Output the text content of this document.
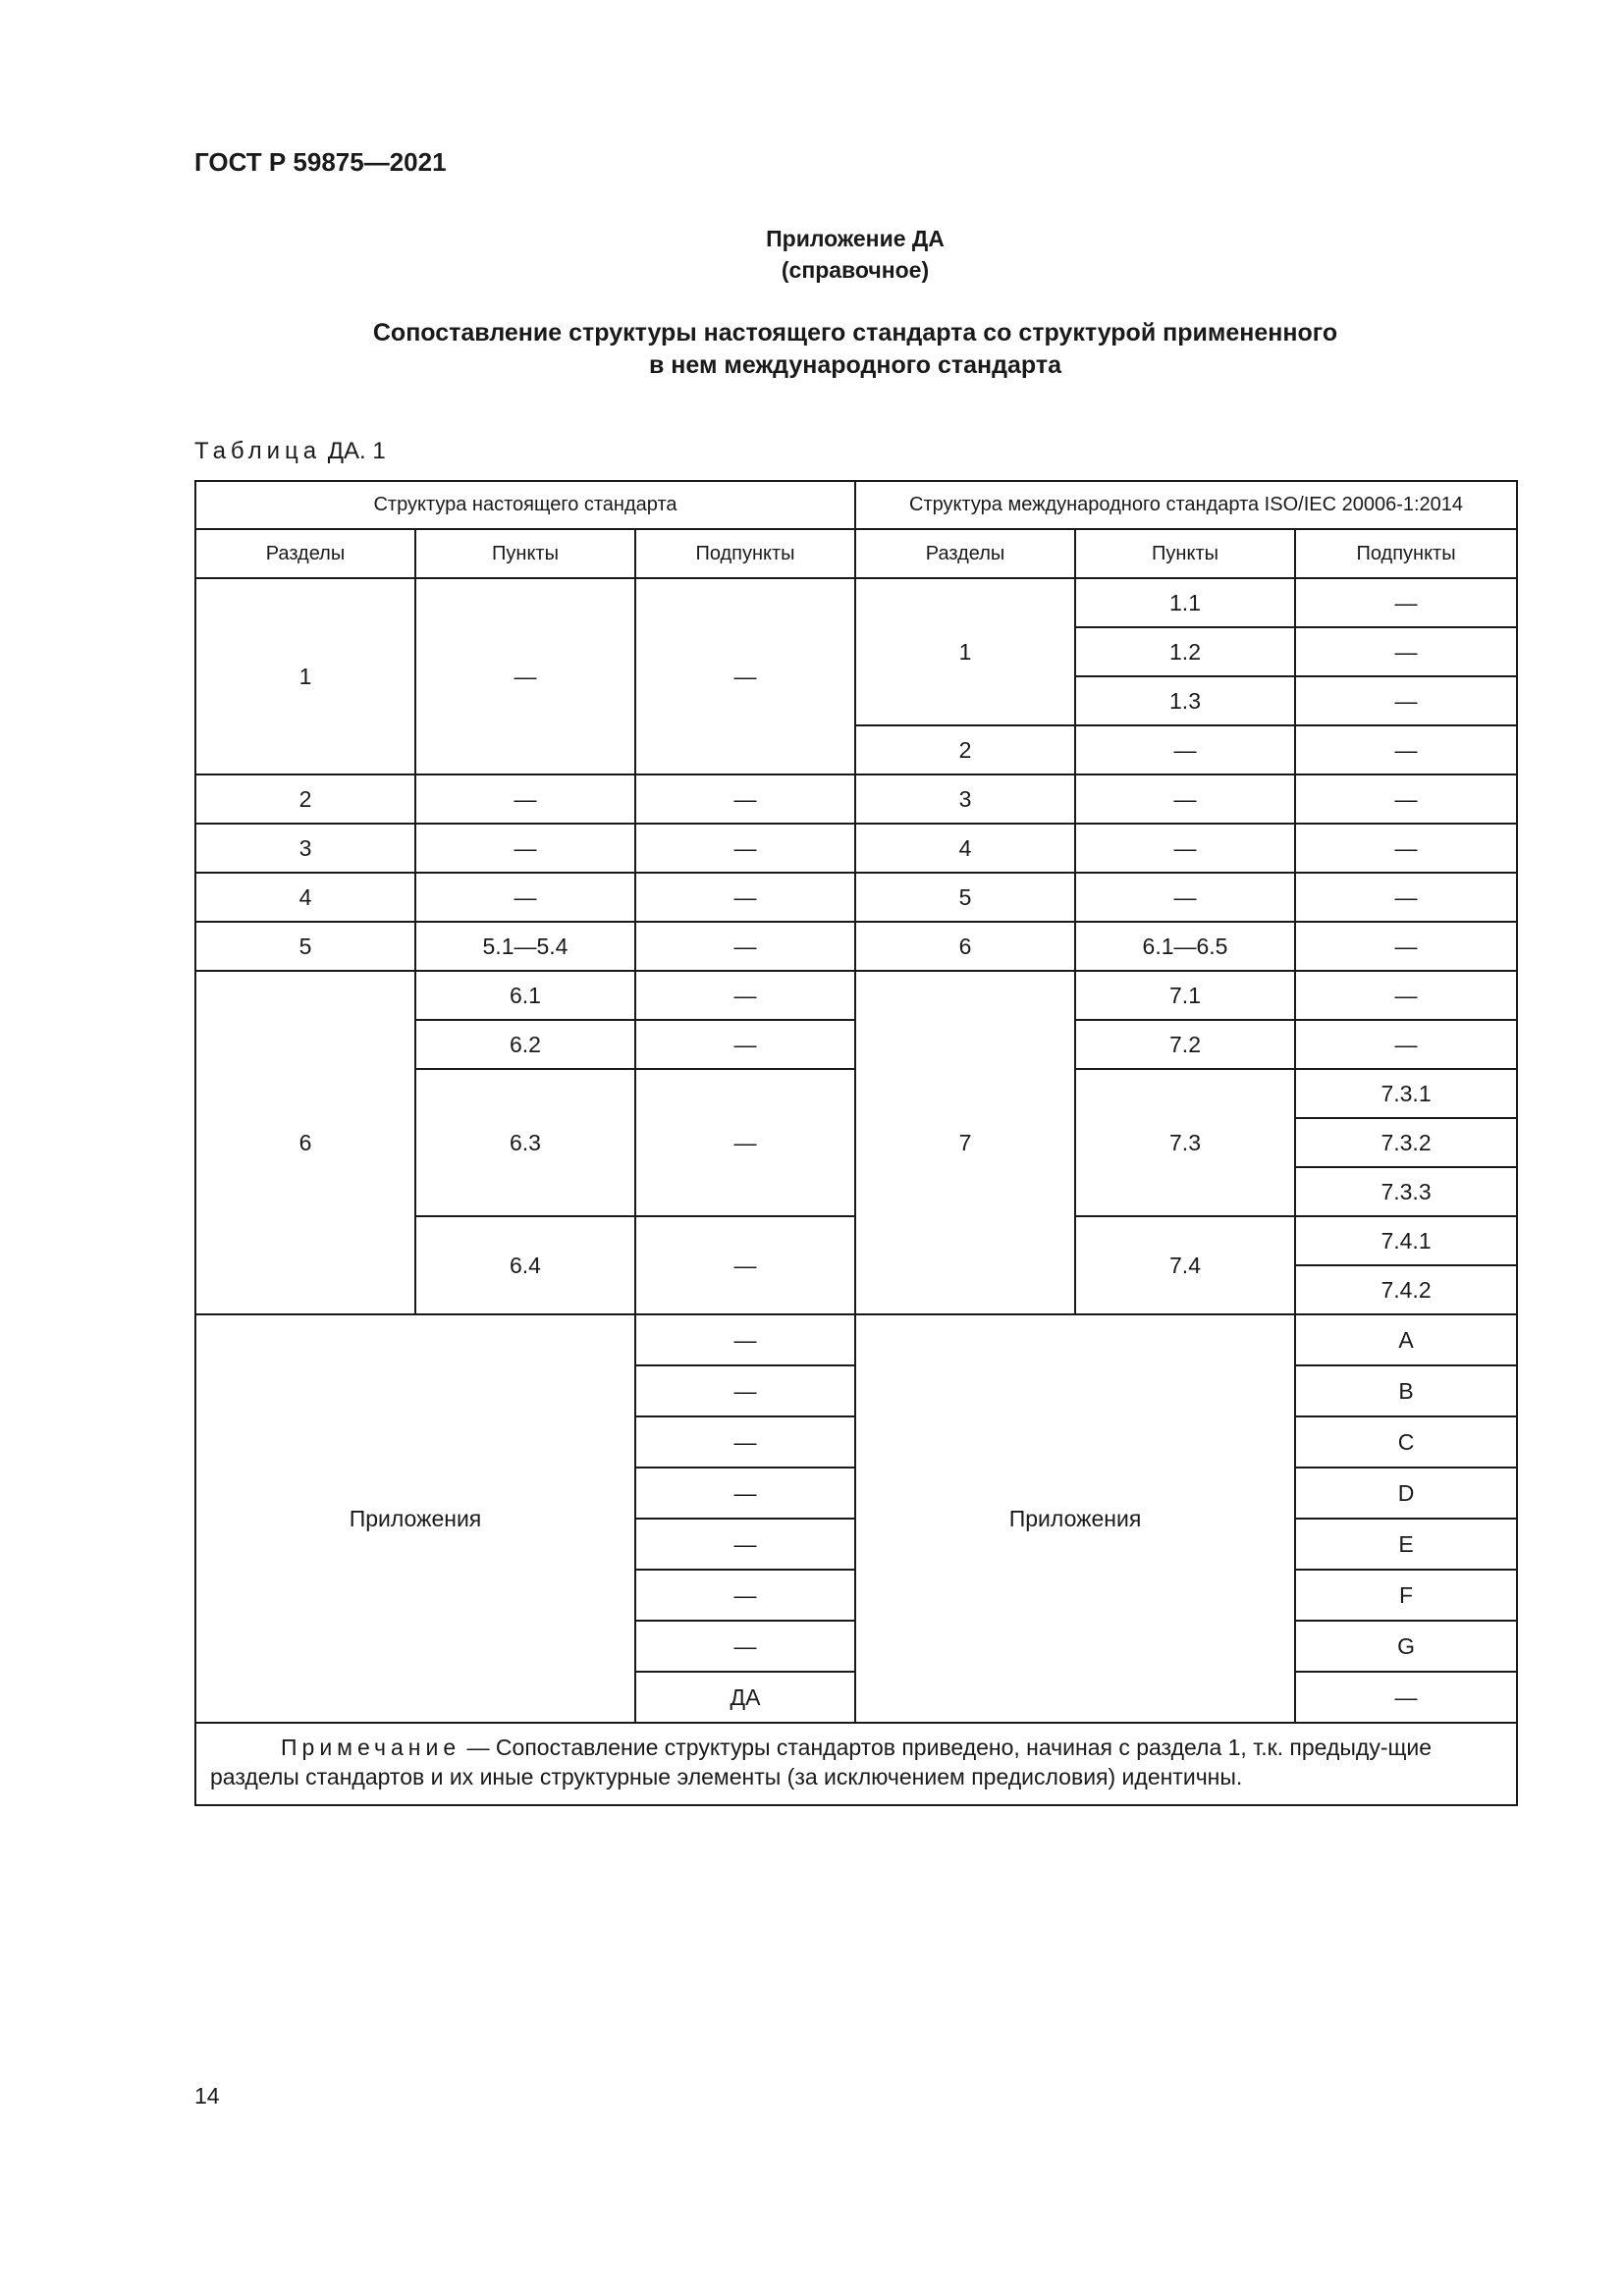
ГОСТ Р 59875—2021
Приложение ДА
(справочное)
Сопоставление структуры настоящего стандарта со структурой примененного
в нем международного стандарта
Таблица ДА. 1
Структура настоящего стандарта			Структура международного стандарта ISO/IEC 20006-1:2014		
Разделы	Пункты	Подпункты	Разделы	Пункты	Подпункты
1	—	—	1	1.1	—
				1.2	—
				1.3	—
			2	—	—
2	—	—	3	—	—
3	—	—	4	—	—
4	—	—	5	—	—
5	5.1—5.4	—	6	6.1—6.5	—
6	6.1	—	7	7.1	—
	6.2	—		7.2	—
	6.3	—		7.3	7.3.1
					7.3.2
					7.3.3
	6.4	—		7.4	7.4.1
					7.4.2
Приложения		—	Приложения		A
		—			B
		—			C
		—			D
		—			E
		—			F
		—			G
		ДА			—
Примечание — Сопоставление структуры стандартов приведено, начиная с раздела 1, т.к. предыду-щие разделы стандартов и их иные структурные элементы (за исключением предисловия) идентичны.					
14
